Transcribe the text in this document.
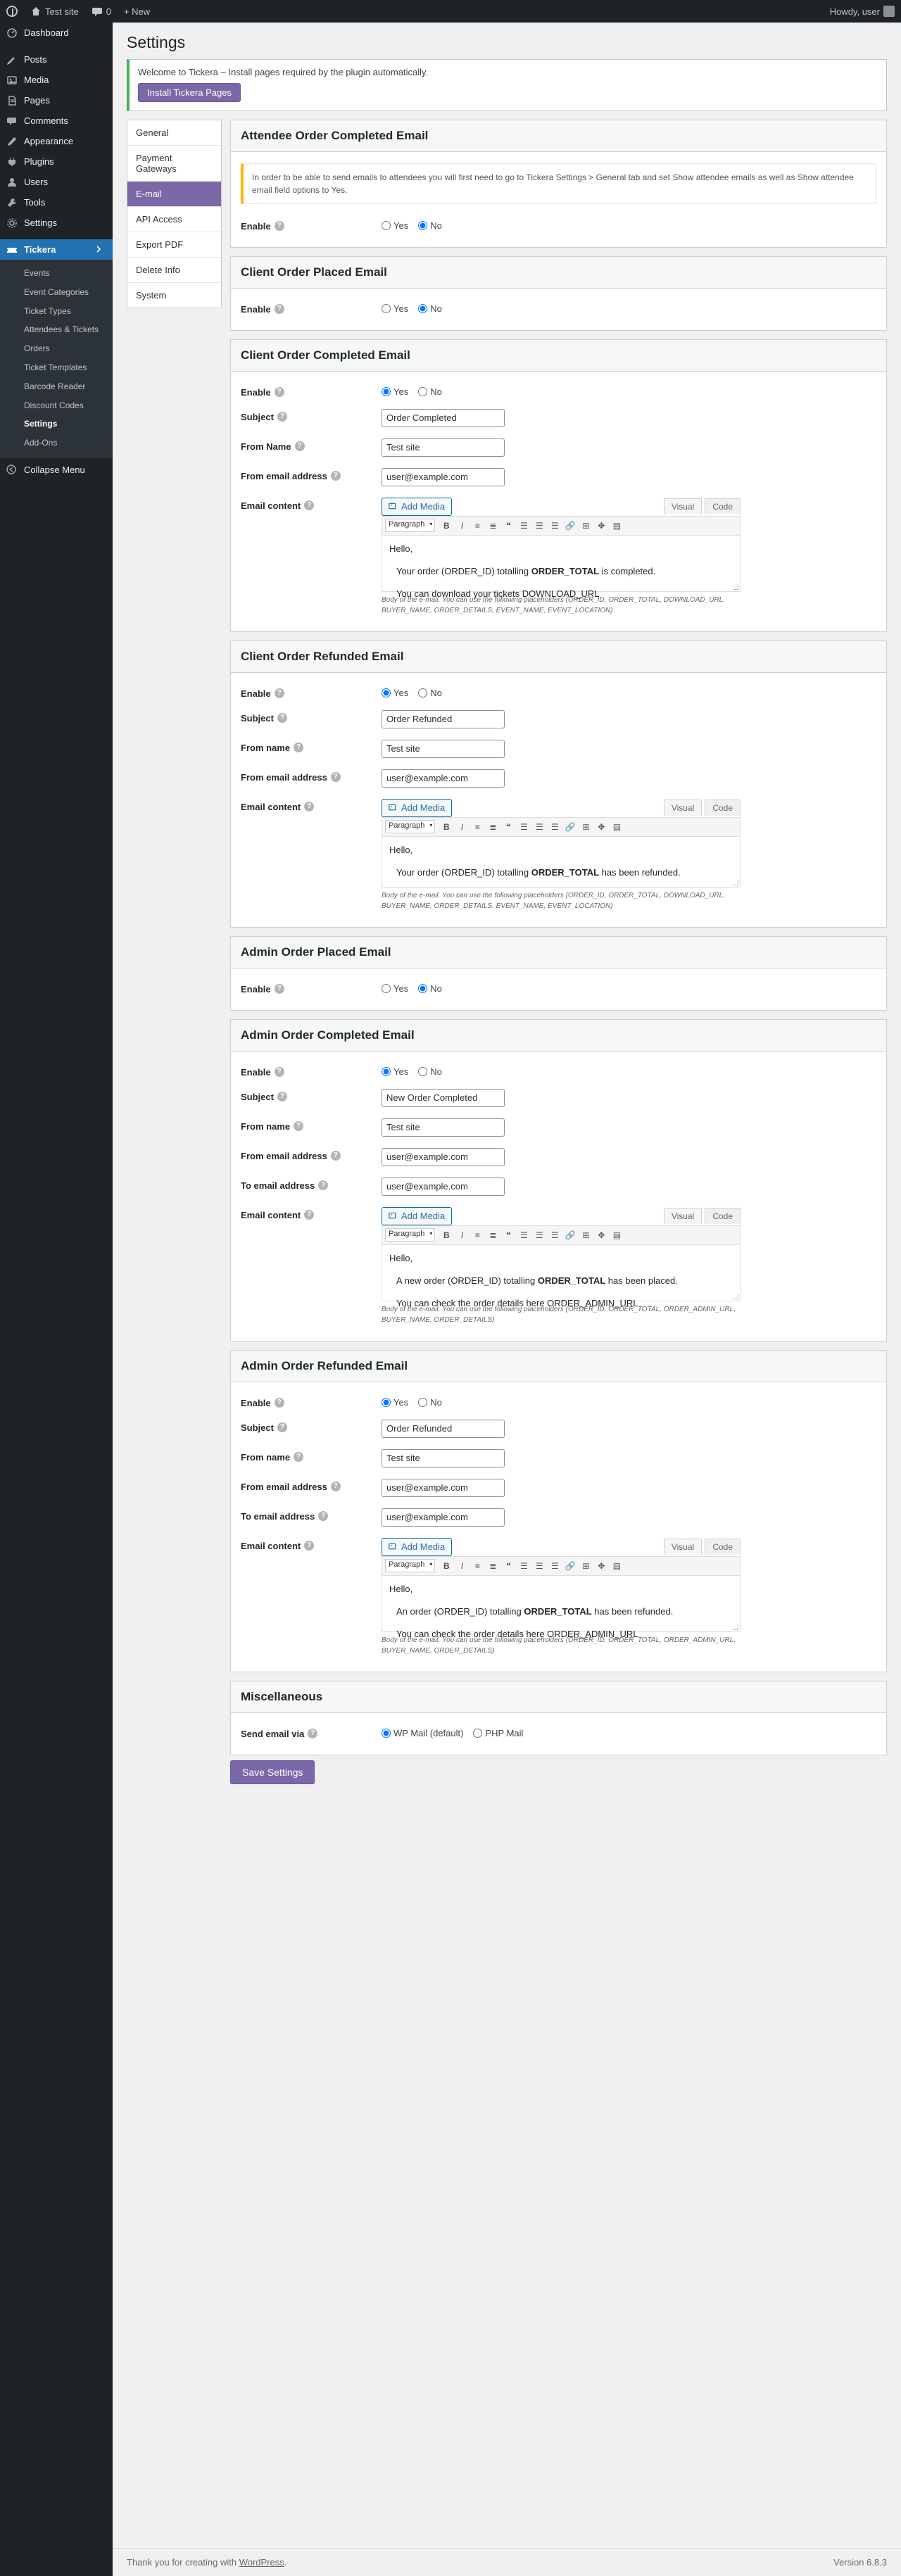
Test site	0 + New	Howdy, user
Dashboard
Posts
Media
Pages
Comments
Appearance
Plugins
Users
Tools
Settings
Tickera
Events
Event Categories
Ticket Types
Attendees & Tickets
Orders
Ticket Templates
Barcode Reader
Discount Codes
Settings
Add-Ons
Collapse Menu
Settings

Welcome to Tickera – Install pages required by the plugin automatically.

Install Tickera Pages
General
Payment Gateways
E-mail
API Access
Export PDF
Delete Info
System
Attendee Order Completed Email
In order to be able to send emails to attendees you will first need to go to Tickera Settings > General tab and set Show attendee emails as well as Show attendee email field options to Yes.
Enable ?	Yes No
Client Order Placed Email
Enable ?	Yes No
Client Order Completed Email
Enable ?	Yes No
Subject ?
Order Completed
From Name ?
Test site
From email address ?
user@example.com
Email content ?	Add Media	Visual	Code
Paragraph ▾	B I	≡	≣	❝	☰ ☰ ☰ 🔗 ⊞ ✥ ▤

Hello,

Your order (ORDER_ID) totalling ORDER_TOTAL is completed.

You can download your tickets DOWNLOAD_URL

Body of the e-mail. You can use the following placeholders (ORDER_ID, ORDER_TOTAL, DOWNLOAD_URL, BUYER_NAME, ORDER_DETAILS, EVENT_NAME, EVENT_LOCATION)
Client Order Refunded Email
Enable ?	Yes No
Subject ?
Order Refunded
From name ?
Test site
From email address ?
user@example.com
Email content ?	Add Media	Visual	Code
Paragraph ▾	B I	≡	≣	❝	☰ ☰ ☰ 🔗 ⊞ ✥ ▤

Hello,

Your order (ORDER_ID) totalling ORDER_TOTAL has been refunded.

Body of the e-mail. You can use the following placeholders (ORDER_ID, ORDER_TOTAL, DOWNLOAD_URL, BUYER_NAME, ORDER_DETAILS, EVENT_NAME, EVENT_LOCATION)
Admin Order Placed Email
Enable ?	Yes No
Admin Order Completed Email
Enable ?	Yes No
Subject ?
New Order Completed
From name ?
Test site
From email address ?
user@example.com
To email address ?
user@example.com
Email content ?	Add Media	Visual	Code
Paragraph ▾	B I	≡	≣	❝	☰ ☰ ☰ 🔗 ⊞ ✥ ▤

Hello,

A new order (ORDER_ID) totalling ORDER_TOTAL has been placed.

You can check the order details here ORDER_ADMIN_URL

Body of the e-mail. You can use the following placeholders (ORDER_ID, ORDER_TOTAL, ORDER_ADMIN_URL, BUYER_NAME, ORDER_DETAILS)
Admin Order Refunded Email
Enable ?	Yes No
Subject ?
Order Refunded
From name ?
Test site
From email address ?
user@example.com
To email address ?
user@example.com
Email content ?	Add Media	Visual	Code
Paragraph ▾	B I	≡	≣	❝	☰ ☰ ☰ 🔗 ⊞ ✥ ▤

Hello,

An order (ORDER_ID) totalling ORDER_TOTAL has been refunded.

You can check the order details here ORDER_ADMIN_URL

Body of the e-mail. You can use the following placeholders (ORDER_ID, ORDER_TOTAL, ORDER_ADMIN_URL, BUYER_NAME, ORDER_DETAILS)
Miscellaneous
Send email via ?	WP Mail (default) PHP Mail
Save Settings
Thank you for creating with WordPress.	Version 6.8.3
